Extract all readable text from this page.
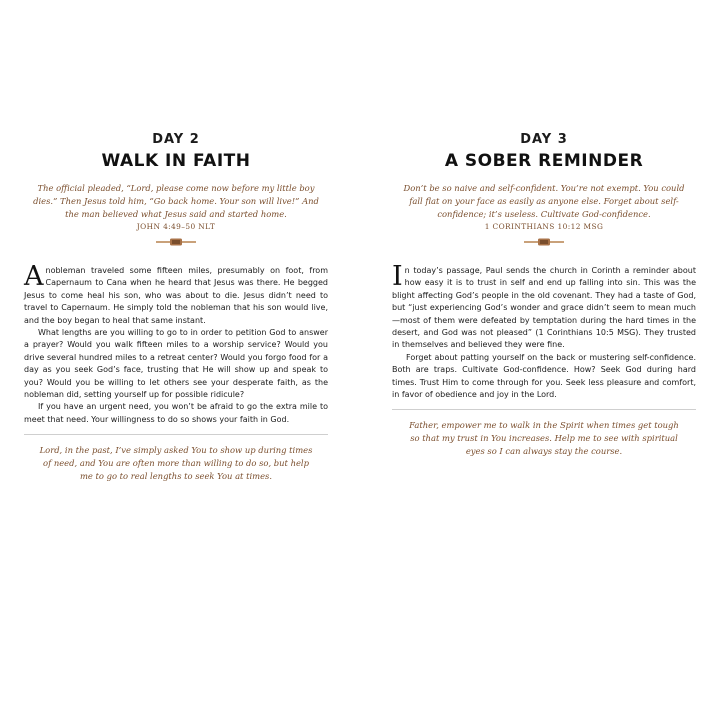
DAY 2
WALK IN FAITH
The official pleaded, “Lord, please come now before my little boy dies.” Then Jesus told him, “Go back home. Your son will live!” And the man believed what Jesus said and started home.
JOHN 4:49–50 NLT

Anobleman traveled some fifteen miles, presumably on foot, from Capernaum to Cana when he heard that Jesus was there. He begged Jesus to come heal his son, who was about to die. Jesus didn’t need to travel to Capernaum. He simply told the nobleman that his son would live, and the boy began to heal that same instant.

What lengths are you willing to go to in order to petition God to answer a prayer? Would you walk fifteen miles to a worship service? Would you drive several hundred miles to a retreat center? Would you forgo food for a day as you seek God’s face, trusting that He will show up and speak to you? Would you be willing to let others see your desperate faith, as the nobleman did, setting yourself up for possible ridicule?

If you have an urgent need, you won’t be afraid to go the extra mile to meet that need. Your willingness to do so shows your faith in God.

Lord, in the past, I’ve simply asked You to show up during times of need, and You are often more than willing to do so, but help me to go to real lengths to seek You at times.
DAY 3
A SOBER REMINDER
Don’t be so naive and self-confident. You’re not exempt. You could fall flat on your face as easily as anyone else. Forget about self-confidence; it’s useless. Cultivate God-confidence.
1 CORINTHIANS 10:12 MSG

In today’s passage, Paul sends the church in Corinth a reminder about how easy it is to trust in self and end up falling into sin. This was the blight affecting God’s people in the old covenant. They had a taste of God, but “just experiencing God’s wonder and grace didn’t seem to mean much—most of them were defeated by temptation during the hard times in the desert, and God was not pleased” (1 Corinthians 10:5 MSG). They trusted in themselves and believed they were fine.

Forget about patting yourself on the back or mustering self-confidence. Both are traps. Cultivate God-confidence. How? Seek God during hard times. Trust Him to come through for you. Seek less pleasure and comfort, in favor of obedience and joy in the Lord.

Father, empower me to walk in the Spirit when times get tough so that my trust in You increases. Help me to see with spiritual eyes so I can always stay the course.
